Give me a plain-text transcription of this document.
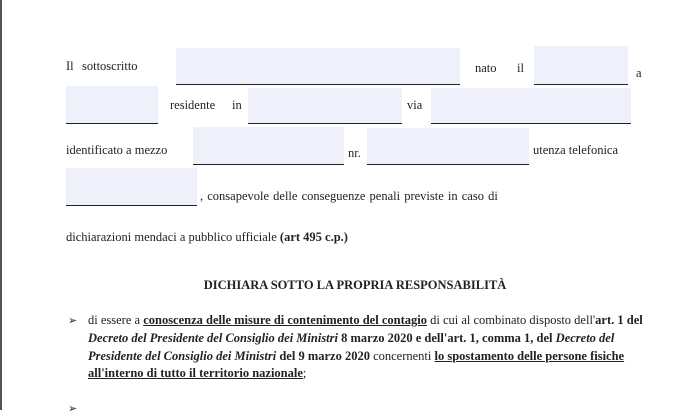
Il sottoscritto	nato il	a
residente in	via
identificato a mezzo	nr.	utenza telefonica
, consapevole delle conseguenze penali previste in caso di
dichiarazioni mendaci a pubblico ufficiale (art 495 c.p.)
DICHIARA SOTTO LA PROPRIA RESPONSABILITÀ
➢ di essere a conoscenza delle misure di contenimento del contagio di cui al combinato disposto dell'art. 1 del Decreto del Presidente del Consiglio dei Ministri 8 marzo 2020 e dell'art. 1, comma 1, del Decreto del Presidente del Consiglio dei Ministri del 9 marzo 2020 concernenti lo spostamento delle persone fisiche all'interno di tutto il territorio nazionale;
➢
